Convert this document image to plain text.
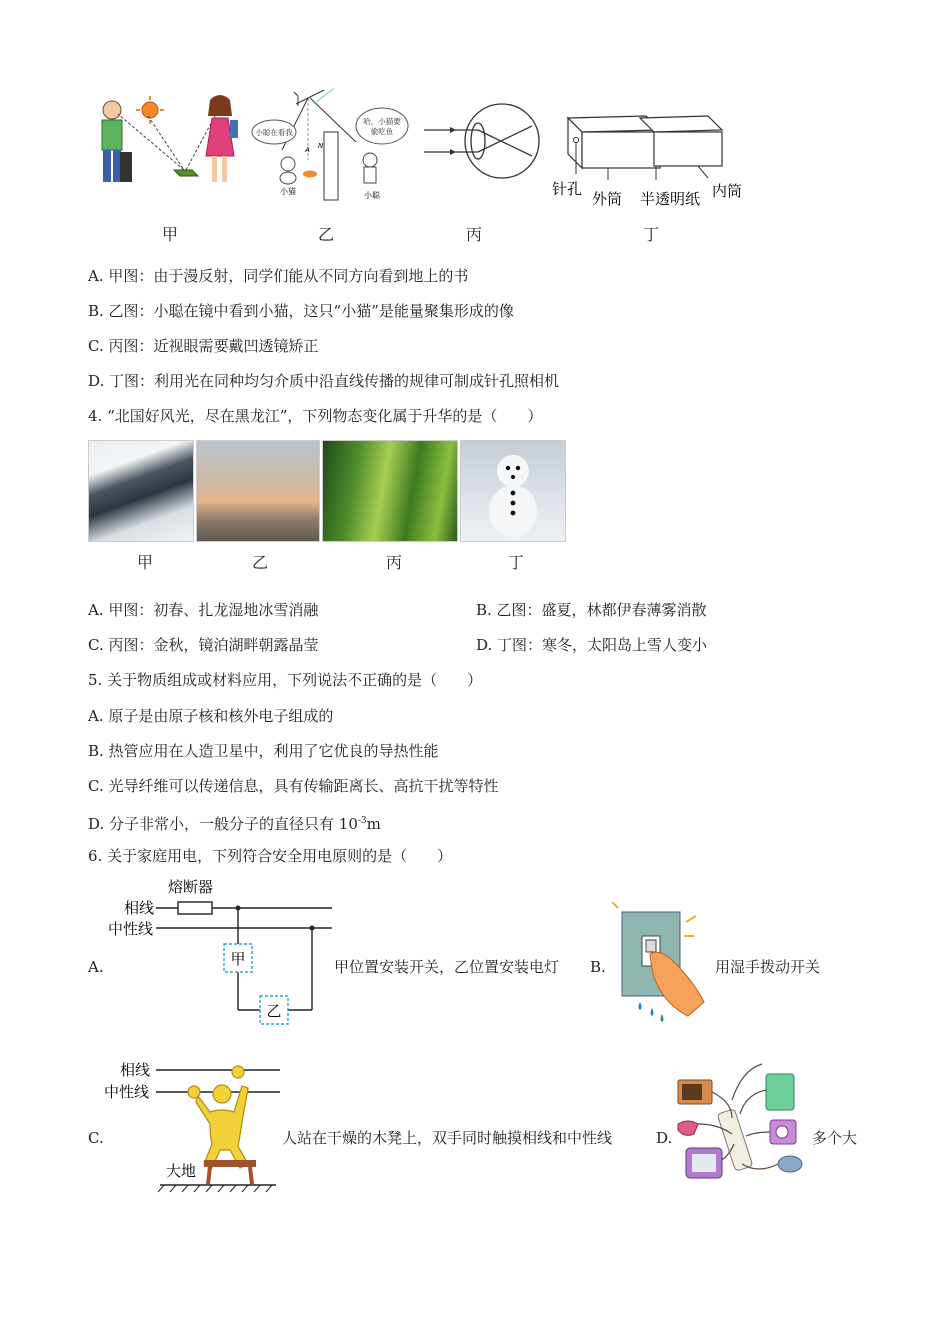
小聪在看我
哈，小猫要偷吃鱼
小猫	小聪
A N
针孔
外筒 半透明纸 内筒
甲	乙	丙	丁
A. 甲图：由于漫反射，同学们能从不同方向看到地上的书
B. 乙图：小聪在镜中看到小猫，这只“小猫”是能量聚集形成的像
C. 丙图：近视眼需要戴凹透镜矫正
D. 丁图：利用光在同种均匀介质中沿直线传播的规律可制成针孔照相机
4. “北国好风光，尽在黑龙江”，下列物态变化属于升华的是（　　）
甲	乙	丙	丁
A. 甲图：初春、扎龙湿地冰雪消融	B. 乙图：盛夏，林都伊春薄雾消散
C. 丙图：金秋，镜泊湖畔朝露晶莹	D. 丁图：寒冬，太阳岛上雪人变小
5. 关于物质组成或材料应用，下列说法不正确的是（　　）
A. 原子是由原子核和核外电子组成的
B. 热管应用在人造卫星中，利用了它优良的导热性能
C. 光导纤维可以传递信息，具有传输距离长、高抗干扰等特性
D. 分子非常小，一般分子的直径只有 $10^{-3}m$
6. 关于家庭用电，下列符合安全用电原则的是（　　）
熔断器
相线
中性线
甲
乙
A.	甲位置安装开关，乙位置安装电灯 B.	用湿手拨动开关
相线
中性线
大地
C.	人站在干燥的木凳上，双手同时触摸相线和中性线	D.	多个大
